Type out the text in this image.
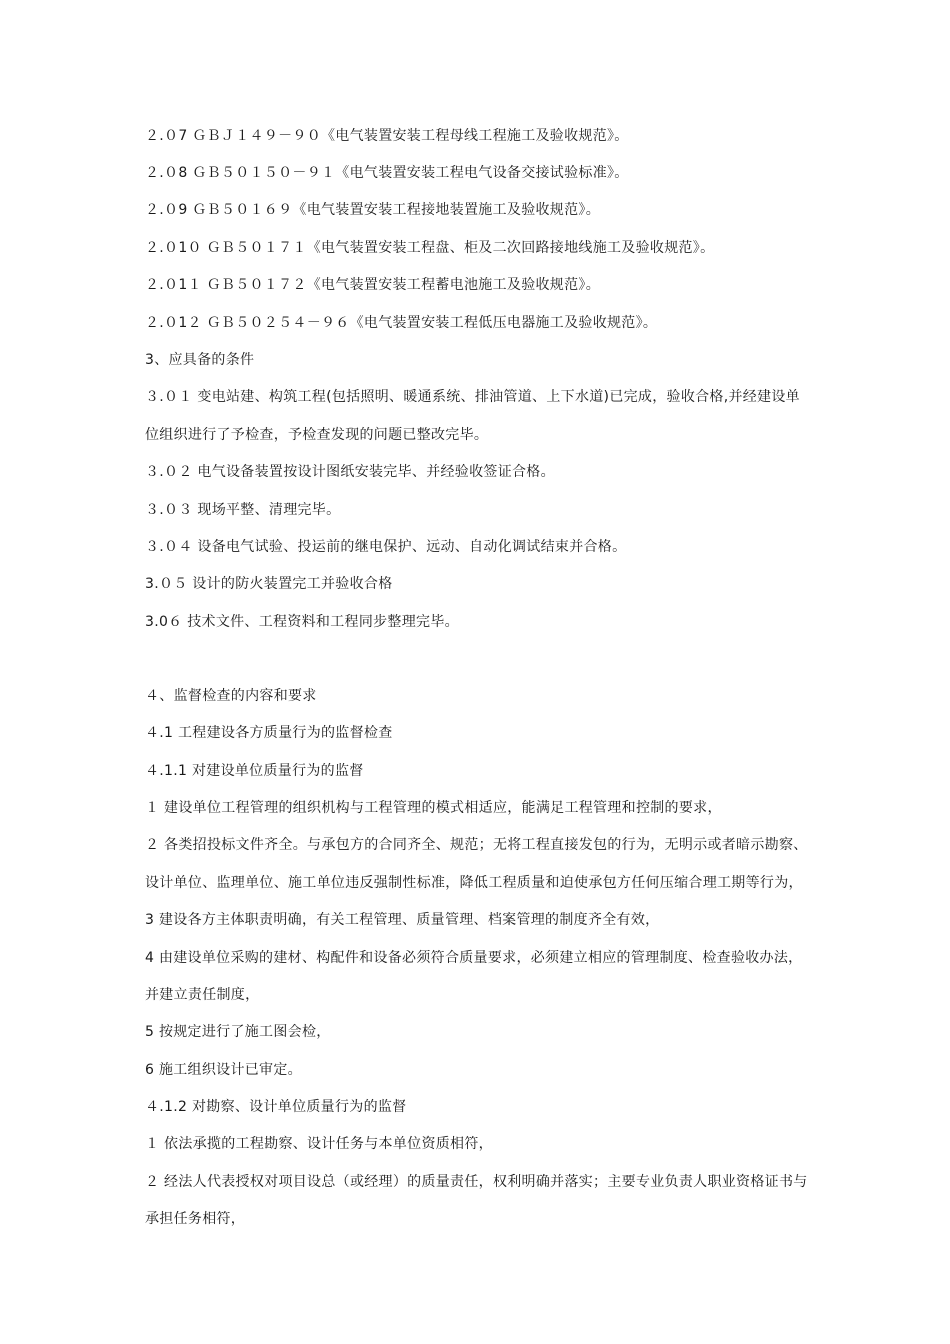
２.０7 ＧＢＪ１４９－９０《电气装置安装工程母线工程施工及验收规范》。
２.０8 ＧＢ５０１５０－９１《电气装置安装工程电气设备交接试验标准》。
２.０9 ＧＢ５０１６９《电气装置安装工程接地装置施工及验收规范》。
２.０1０ ＧＢ５０１７１《电气装置安装工程盘、柜及二次回路接地线施工及验收规范》。
２.０1１ ＧＢ５０１７２《电气装置安装工程蓄电池施工及验收规范》。
２.０1２ ＧＢ５０２５４－９６《电气装置安装工程低压电器施工及验收规范》。
3、应具备的条件
３.０１ 变电站建、构筑工程(包括照明、暖通系统、排油管道、上下水道)已完成，验收合格,并经建设单
位组织进行了予检查，予检查发现的问题已整改完毕。
３.０２ 电气设备装置按设计图纸安装完毕、并经验收签证合格。
３.０３ 现场平整、清理完毕。
３.０４ 设备电气试验、投运前的继电保护、远动、自动化调试结束并合格。
3.０５ 设计的防火装置完工并验收合格
3.0６ 技术文件、工程资料和工程同步整理完毕。
４、监督检查的内容和要求
４.1 工程建设各方质量行为的监督检查
４.1.1 对建设单位质量行为的监督
１ 建设单位工程管理的组织机构与工程管理的模式相适应，能满足工程管理和控制的要求，
２ 各类招投标文件齐全。与承包方的合同齐全、规范；无将工程直接发包的行为，无明示或者暗示勘察、
设计单位、监理单位、施工单位违反强制性标准，降低工程质量和迫使承包方任何压缩合理工期等行为，
3 建设各方主体职责明确，有关工程管理、质量管理、档案管理的制度齐全有效，
4 由建设单位采购的建材、构配件和设备必须符合质量要求，必须建立相应的管理制度、检查验收办法，
并建立责任制度，
5 按规定进行了施工图会检，
6 施工组织设计已审定。
４.1.2 对勘察、设计单位质量行为的监督
１ 依法承揽的工程勘察、设计任务与本单位资质相符，
２ 经法人代表授权对项目设总（或经理）的质量责任，权利明确并落实；主要专业负责人职业资格证书与
承担任务相符，
